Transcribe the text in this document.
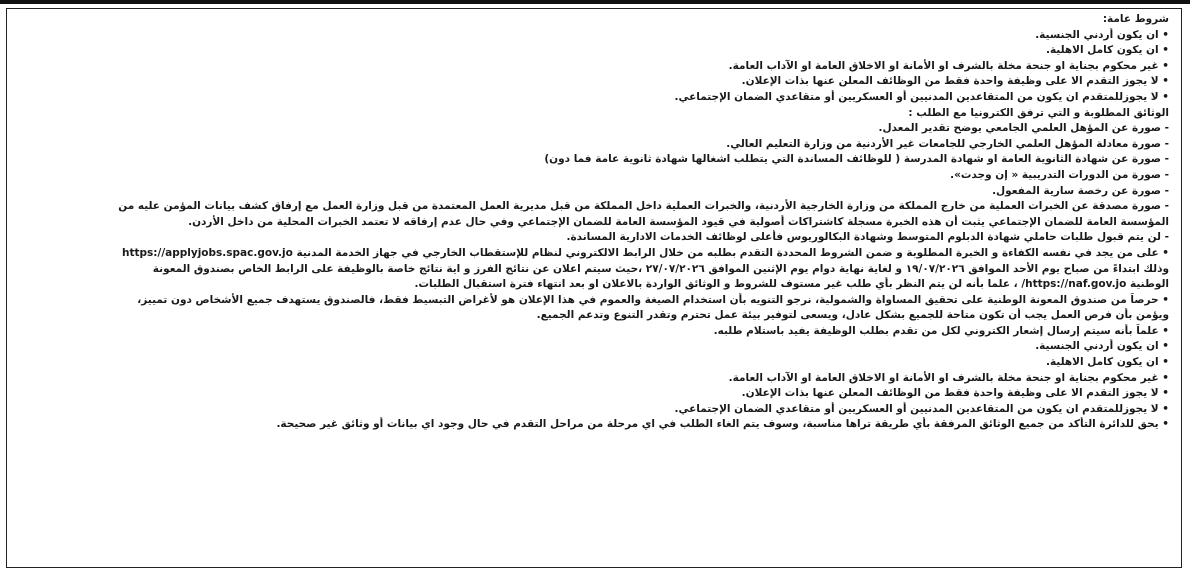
شروط عامة:
• ان يكون أردني الجنسية.
• ان يكون كامل الاهلية.
• غير محكوم بجناية او جنحة مخلة بالشرف او الأمانة او الاخلاق العامة او الآداب العامة.
• لا يجوز التقدم الا على وظيفة واحدة فقط من الوظائف المعلن عنها بذات الإعلان.
• لا يجوزللمتقدم ان يكون من المتقاعدين المدنيين أو العسكريين أو متقاعدي الضمان الإجتماعي.
الوثائق المطلوبة و التي ترفق الكترونيا مع الطلب :
- صورة عن المؤهل العلمي الجامعي يوضح تقدير المعدل.
- صورة معادلة المؤهل العلمي الخارجي للجامعات غير الأردنية من وزارة التعليم العالي.
- صورة عن شهادة الثانوية العامة او شهادة المدرسة ( للوظائف المساندة التي يتطلب اشغالها شهادة ثانوية عامة فما دون)
- صورة من الدورات التدريبية « إن وجدت».
- صورة عن رخصة سارية المفعول.
- صورة مصدقة عن الخبرات العملية من خارج المملكة من وزارة الخارجية الأردنية، والخبرات العملية داخل المملكة من قبل مديرية العمل المعتمدة من قبل وزارة العمل مع إرفاق كشف بيانات المؤمن عليه من
المؤسسة العامة للضمان الإجتماعي يثبت أن هذه الخبرة مسجلة كاشتراكات أصولية في قيود المؤسسة العامة للضمان الإجتماعي وفي حال عدم إرفاقه لا تعتمد الخبرات المحلية من داخل الأردن.
- لن يتم قبول طلبات حاملي شهادة الدبلوم المتوسط وشهادة البكالوريوس فأعلى لوظائف الخدمات الادارية المساندة.
• على من يجد في نفسه الكفاءة و الخبرة المطلوبة و ضمن الشروط المحددة التقدم بطلبه من خلال الرابط الالكتروني لنظام للإستقطاب الخارجي في جهاز الخدمة المدنية https://applyjobs.spac.gov.jo
وذلك ابتداءً من صباح يوم الأحد الموافق ١٩/٠٧/٢٠٢٦ و لغاية نهاية دوام يوم الإثنين الموافق ٢٧/٠٧/٢٠٢٦ ،حيث سيتم اعلان عن نتائج الفرز و اية نتائج خاصة بالوظيفة على الرابط الخاص بصندوق المعونة
الوطنية https://naf.gov.jo/ ، علما بأنه لن يتم النظر بأي طلب غير مستوف للشروط و الوثائق الواردة بالاعلان او بعد انتهاء فترة استقبال الطلبات.
• حرصاً من صندوق المعونة الوطنية على تحقيق المساواة والشمولية، نرجو التنويه بأن استخدام الصيغة والعموم في هذا الإعلان هو لأغراض التبسيط فقط، فالصندوق يستهدف جميع الأشخاص دون تمييز،
ويؤمن بأن فرص العمل يجب أن تكون متاحة للجميع بشكل عادل، ويسعى لتوفير بيئة عمل تحترم وتقدر التنوع وتدعم الجميع.
• علماً بأنه سيتم إرسال إشعار الكتروني لكل من تقدم بطلب الوظيفة يفيد باستلام طلبه.
• ان يكون أردني الجنسية.
• ان يكون كامل الاهلية.
• غير محكوم بجناية او جنحة مخلة بالشرف او الأمانة او الاخلاق العامة او الآداب العامة.
• لا يجوز التقدم الا على وظيفة واحدة فقط من الوظائف المعلن عنها بذات الإعلان.
• لا يجوزللمتقدم ان يكون من المتقاعدين المدنيين أو العسكريين أو متقاعدي الضمان الإجتماعي.
• يحق للدائرة التأكد من جميع الوثائق المرفقة بأي طريقة تراها مناسبة، وسوف يتم الغاء الطلب في اي مرحلة من مراحل التقدم في حال وجود اي بيانات أو وثائق غير صحيحة.
